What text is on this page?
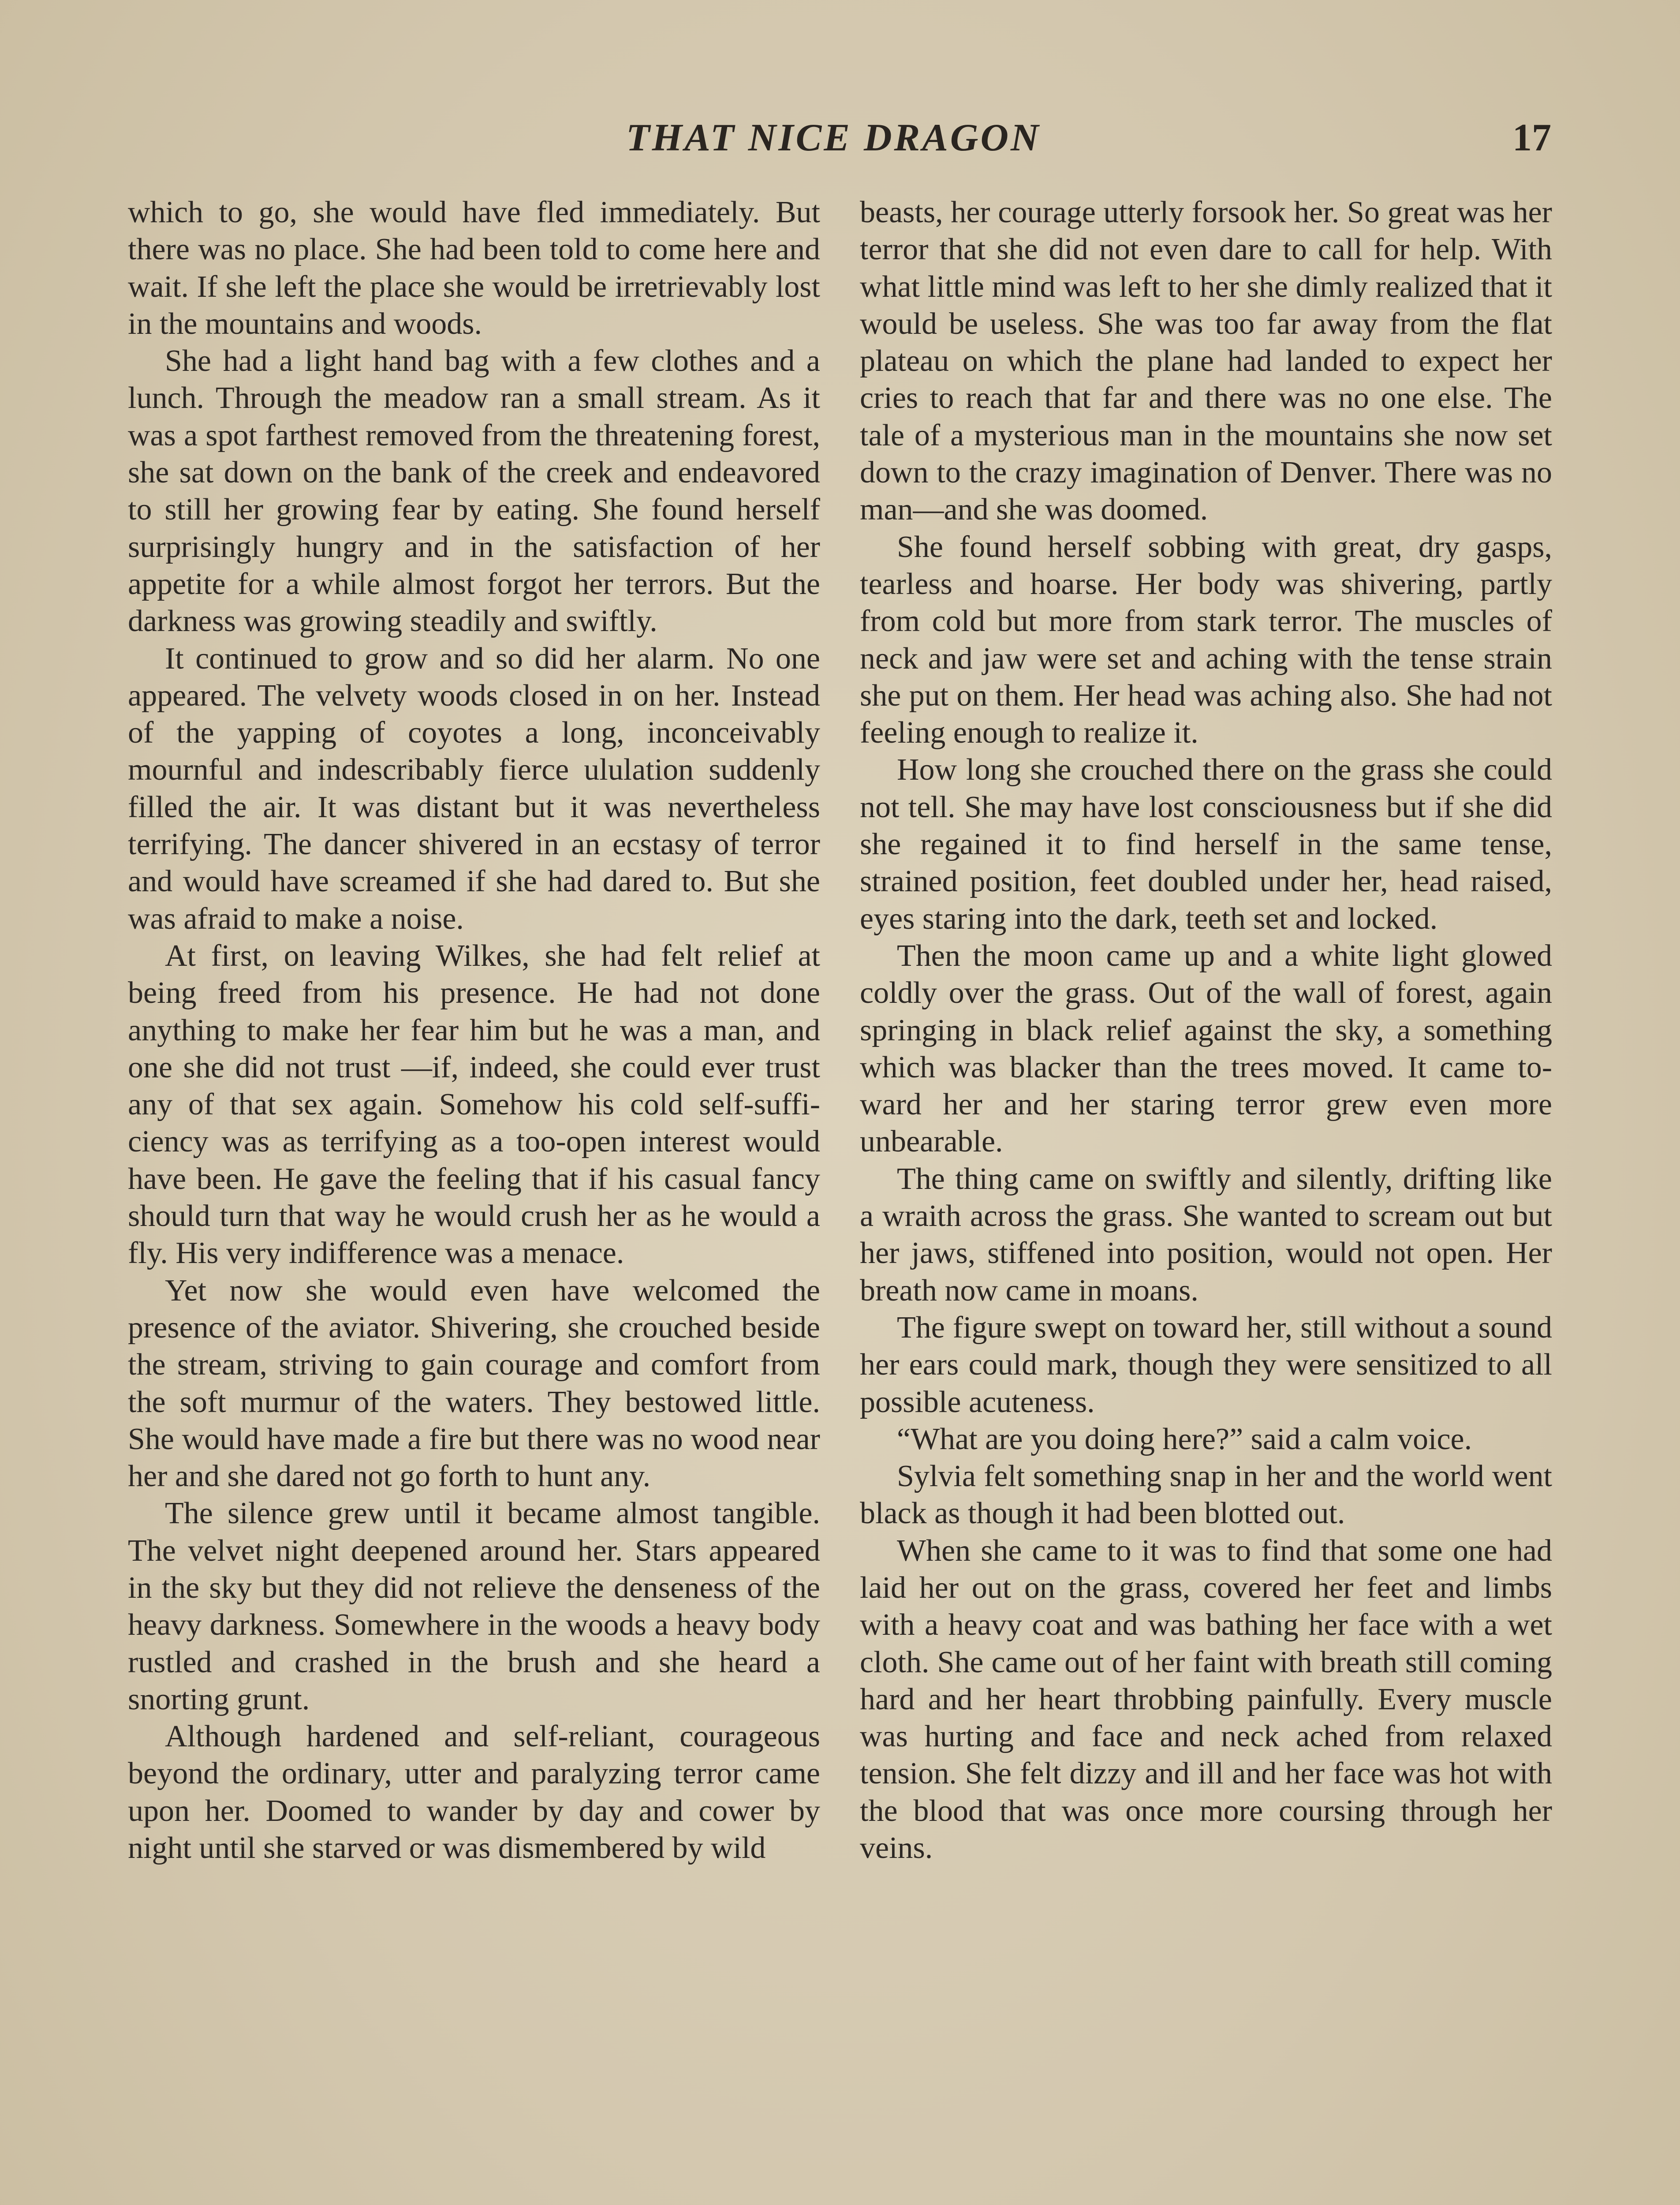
THAT NICE DRAGON	17

which to go, she would have fled immediately. But there was no place. She had been told to come here and wait. If she left the place she would be irretrievably lost in the mountains and woods.

She had a light hand bag with a few clothes and a lunch. Through the meadow ran a small stream. As it was a spot farthest removed from the threatening forest, she sat down on the bank of the creek and endeavored to still her growing fear by eating. She found herself surprisingly hungry and in the satisfaction of her appetite for a while almost forgot her terrors. But the darkness was growing steadily and swiftly.

It continued to grow and so did her alarm. No one appeared. The velvety woods closed in on her. Instead of the yapping of coyotes a long, inconceivably mournful and indescribably fierce ululation suddenly filled the air. It was distant but it was nevertheless terrifying. The dancer shivered in an ecstasy of terror and would have screamed if she had dared to. But she was afraid to make a noise.

At first, on leaving Wilkes, she had felt relief at being freed from his presence. He had not done anything to make her fear him but he was a man, and one she did not trust —if, indeed, she could ever trust any of that sex again. Somehow his cold self-sufficiency was as terrifying as a too-open interest would have been. He gave the feeling that if his casual fancy should turn that way he would crush her as he would a fly. His very indifference was a menace.

Yet now she would even have welcomed the presence of the aviator. Shivering, she crouched beside the stream, striving to gain courage and comfort from the soft murmur of the waters. They bestowed little. She would have made a fire but there was no wood near her and she dared not go forth to hunt any.

The silence grew until it became almost tangible. The velvet night deepened around her. Stars appeared in the sky but they did not relieve the denseness of the heavy darkness. Somewhere in the woods a heavy body rustled and crashed in the brush and she heard a snorting grunt.

Although hardened and self-reliant, courageous beyond the ordinary, utter and paralyzing terror came upon her. Doomed to wander by day and cower by night until she starved or was dismembered by wild

beasts, her courage utterly forsook her. So great was her terror that she did not even dare to call for help. With what little mind was left to her she dimly realized that it would be useless. She was too far away from the flat plateau on which the plane had landed to expect her cries to reach that far and there was no one else. The tale of a mysterious man in the mountains she now set down to the crazy imagination of Denver. There was no man—and she was doomed.

She found herself sobbing with great, dry gasps, tearless and hoarse. Her body was shivering, partly from cold but more from stark terror. The muscles of neck and jaw were set and aching with the tense strain she put on them. Her head was aching also. She had not feeling enough to realize it.

How long she crouched there on the grass she could not tell. She may have lost consciousness but if she did she regained it to find herself in the same tense, strained position, feet doubled under her, head raised, eyes staring into the dark, teeth set and locked.

Then the moon came up and a white light glowed coldly over the grass. Out of the wall of forest, again springing in black relief against the sky, a something which was blacker than the trees moved. It came toward her and her staring terror grew even more unbearable.

The thing came on swiftly and silently, drifting like a wraith across the grass. She wanted to scream out but her jaws, stiffened into position, would not open. Her breath now came in moans.

The figure swept on toward her, still without a sound her ears could mark, though they were sensitized to all possible acuteness.

“What are you doing here?” said a calm voice.

Sylvia felt something snap in her and the world went black as though it had been blotted out.

When she came to it was to find that some one had laid her out on the grass, covered her feet and limbs with a heavy coat and was bathing her face with a wet cloth. She came out of her faint with breath still coming hard and her heart throbbing painfully. Every muscle was hurting and face and neck ached from relaxed tension. She felt dizzy and ill and her face was hot with the blood that was once more coursing through her veins.
